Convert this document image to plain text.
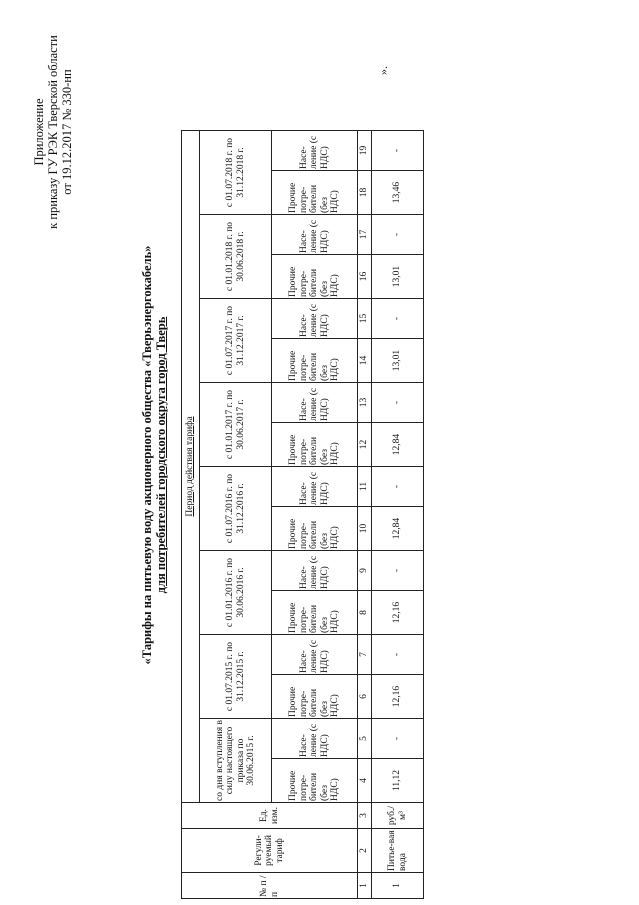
Приложение к приказу ГУ РЭК Тверской области от 19.12.2017 № 330-нп
«Тарифы на питьевую воду акционерного общества «Тверьэнергокабель» для потребителей городского округа город Тверь
№ п / п	Регули-руемый тариф	Ед. изм.	Период действия тарифа															
			со дня вступления в силу настоящего приказа по 30.06.2015 г.		с 01.07.2015 г. по 31.12.2015 г.		с 01.01.2016 г. по 30.06.2016 г.		с 01.07.2016 г. по 31.12.2016 г.		с 01.01.2017 г. по 30.06.2017 г.		с 01.07.2017 г. по 31.12.2017 г.		с 01.01.2018 г. по 30.06.2018 г.		с 01.07.2018 г. по 31.12.2018 г.	
			Прочие потре-бители (без НДС)	Насе-ление (с НДС)	Прочие потре-бители (без НДС)	Насе-ление (с НДС)	Прочие потре-бители (без НДС)	Насе-ление (с НДС)	Прочие потре-бители (без НДС)	Насе-ление (с НДС)	Прочие потре-бители (без НДС)	Насе-ление (с НДС)	Прочие потре-бители (без НДС)	Насе-ление (с НДС)	Прочие потре-бители (без НДС)	Насе-ление (с НДС)	Прочие потре-бители (без НДС)	Насе-ление (с НДС)
1	2	3	4	5	6	7	8	9	10	11	12	13	14	15	16	17	18	19
1	Питье-вая вода	руб./м³	11,12	-	12,16	-	12,16	-	12,84	-	12,84	-	13,01	-	13,01	-	13,46	-
».
